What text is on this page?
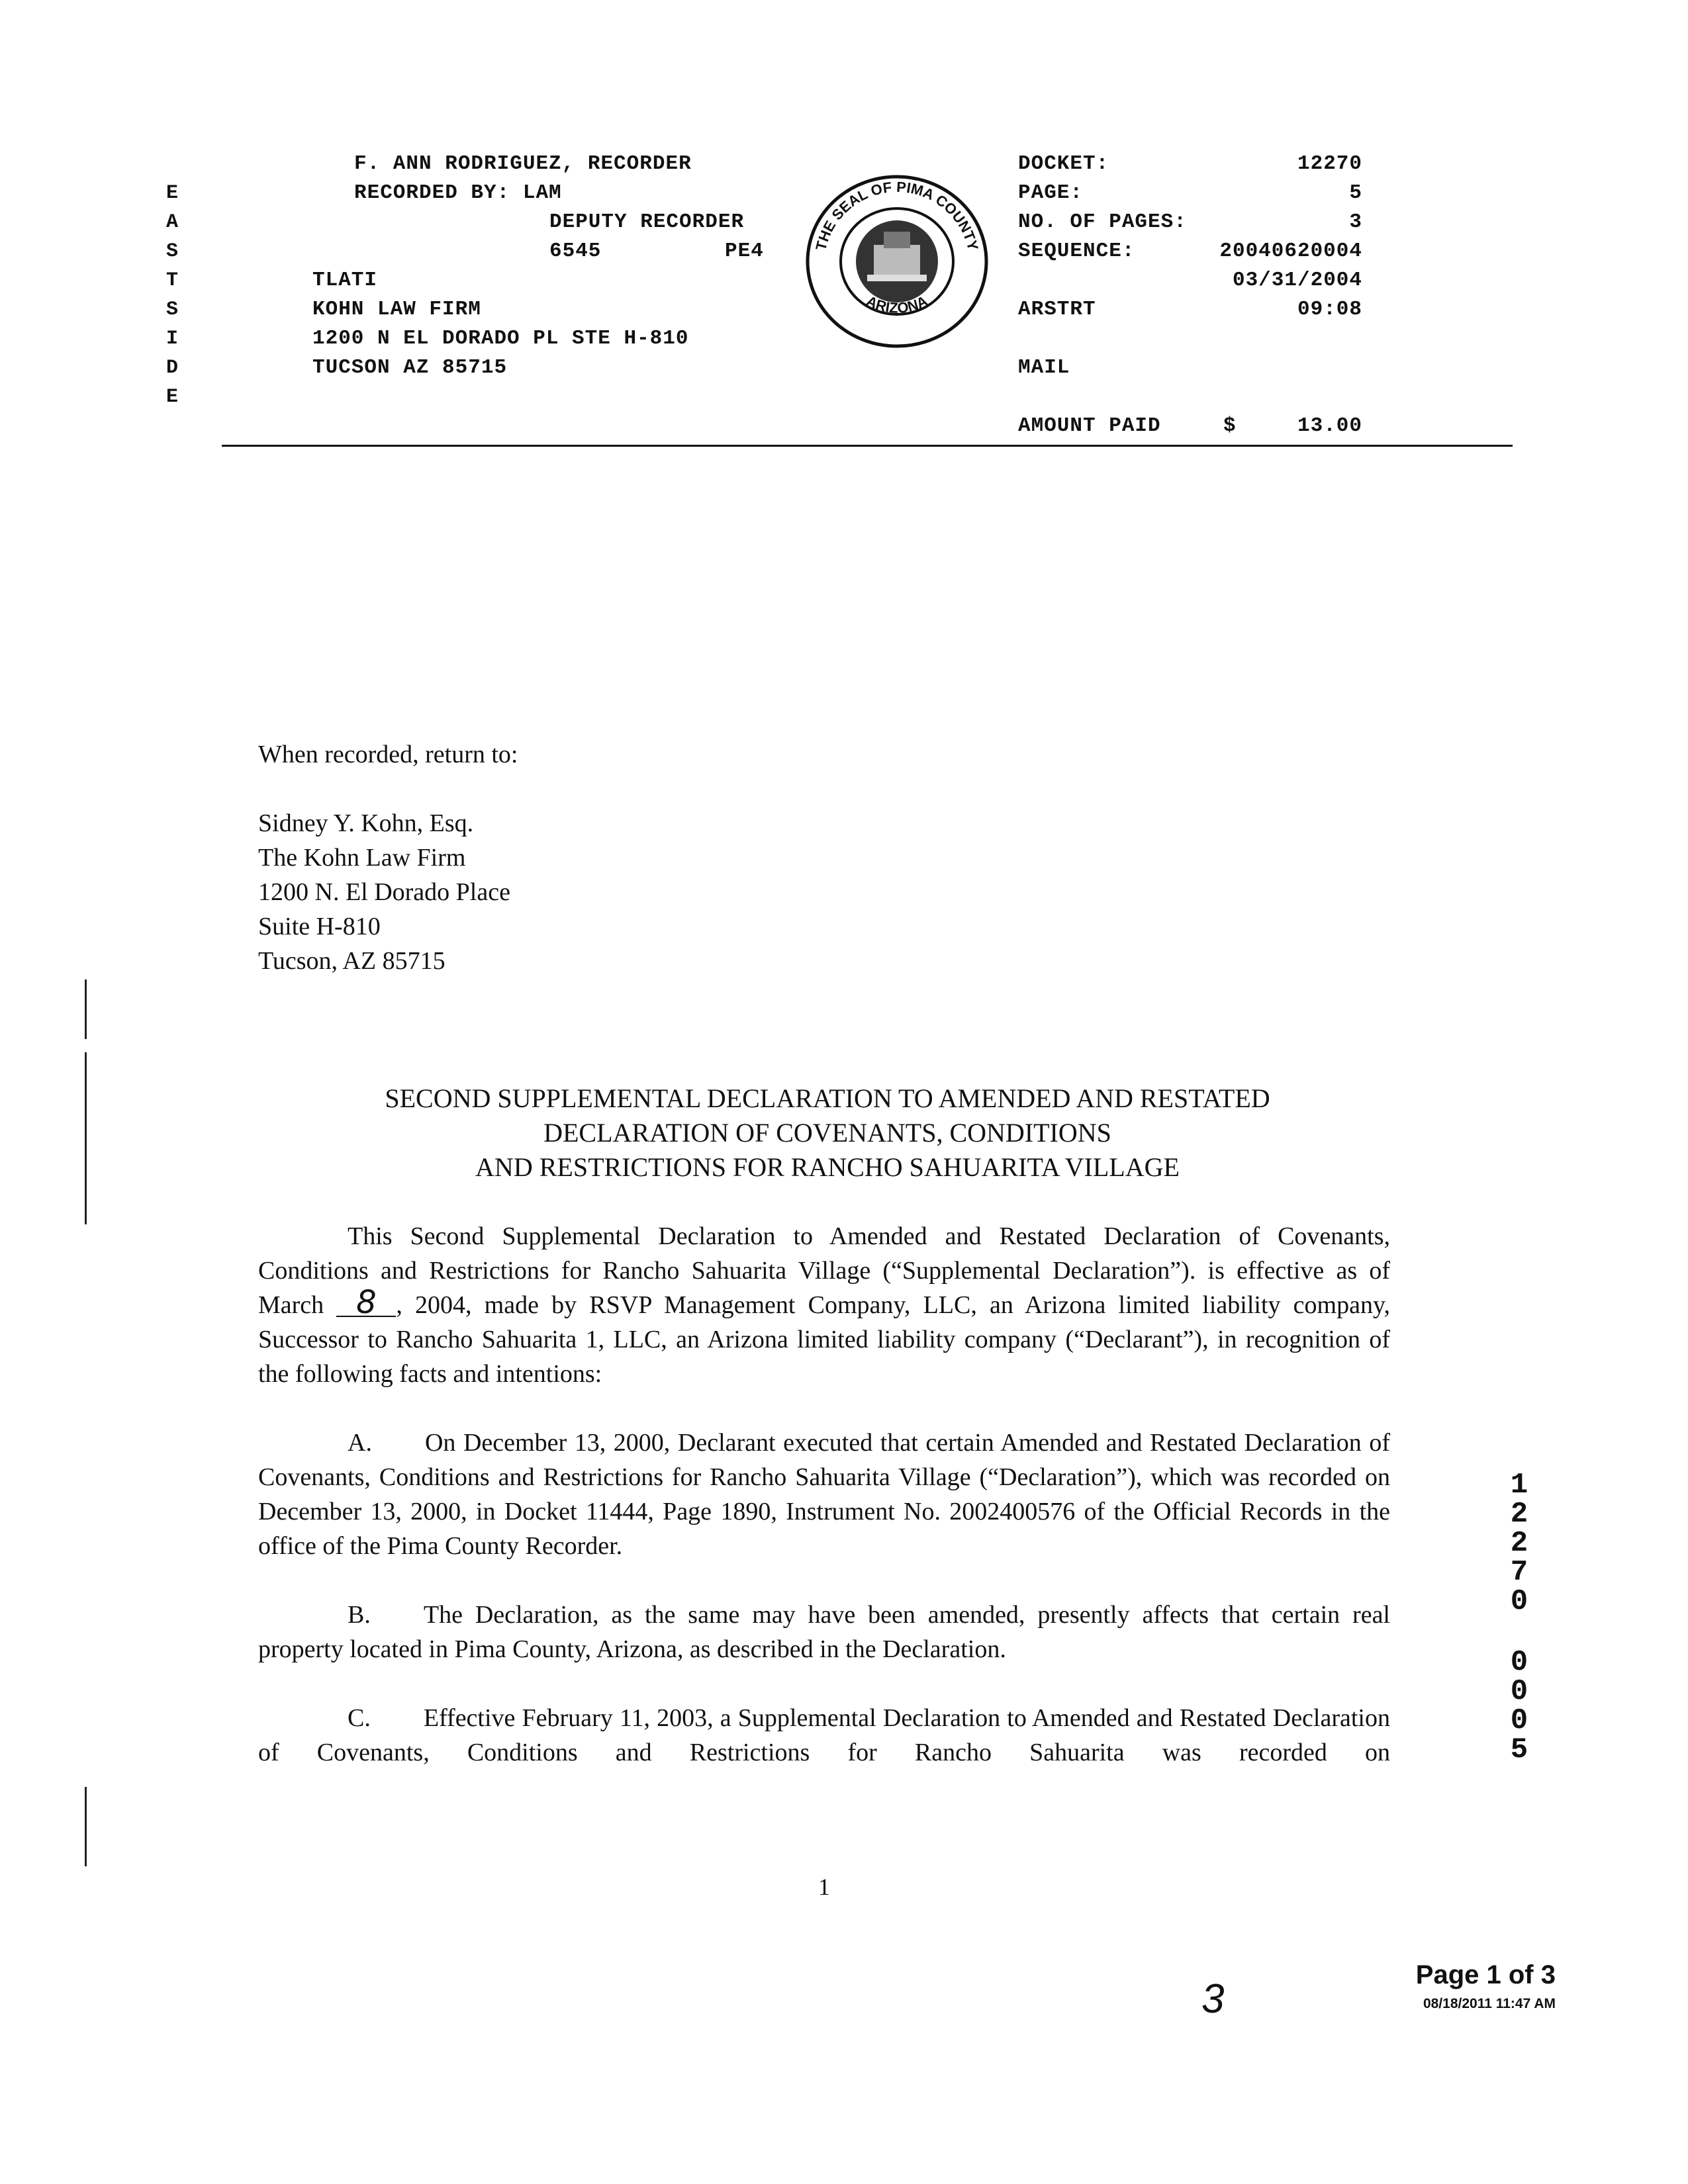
E
A
S
T
S
I
D
E
F. ANN RODRIGUEZ, RECORDER
RECORDED BY: LAM
DEPUTY RECORDER
6545	PE4
TLATI
KOHN LAW FIRM
1200 N EL DORADO PL STE H-810
TUCSON AZ 85715
THE SEAL OF PIMA COUNTY
ARIZONA
DOCKET:	12270
PAGE:	5
NO. OF PAGES:	3
SEQUENCE:	20040620004
03/31/2004
ARSTRT	09:08
MAIL
AMOUNT PAID	$	13.00
When recorded, return to:
Sidney Y. Kohn, Esq.
The Kohn Law Firm
1200 N. El Dorado Place
Suite H-810
Tucson, AZ 85715
SECOND SUPPLEMENTAL DECLARATION TO AMENDED AND RESTATED
DECLARATION OF COVENANTS, CONDITIONS
AND RESTRICTIONS FOR RANCHO SAHUARITA VILLAGE

This Second Supplemental Declaration to Amended and Restated Declaration of Covenants, Conditions and Restrictions for Rancho Sahuarita Village (“Supplemental Declaration”). is effective as of March 8 , 2004, made by RSVP Management Company, LLC, an Arizona limited liability company, Successor to Rancho Sahuarita 1, LLC, an Arizona limited liability company (“Declarant”), in recognition of the following facts and intentions:

A. On December 13, 2000, Declarant executed that certain Amended and Restated Declaration of Covenants, Conditions and Restrictions for Rancho Sahuarita Village (“Declaration”), which was recorded on December 13, 2000, in Docket 11444, Page 1890, Instrument No. 2002400576 of the Official Records in the office of the Pima County Recorder.

B. The Declaration, as the same may have been amended, presently affects that certain real property located in Pima County, Arizona, as described in the Declaration.

C. Effective February 11, 2003, a Supplemental Declaration to Amended and Restated Declaration of Covenants, Conditions and Restrictions for Rancho Sahuarita was recorded on

1
2
2
7
0
0
0
0
5
1
3
Page 1 of 3
08/18/2011 11:47 AM
